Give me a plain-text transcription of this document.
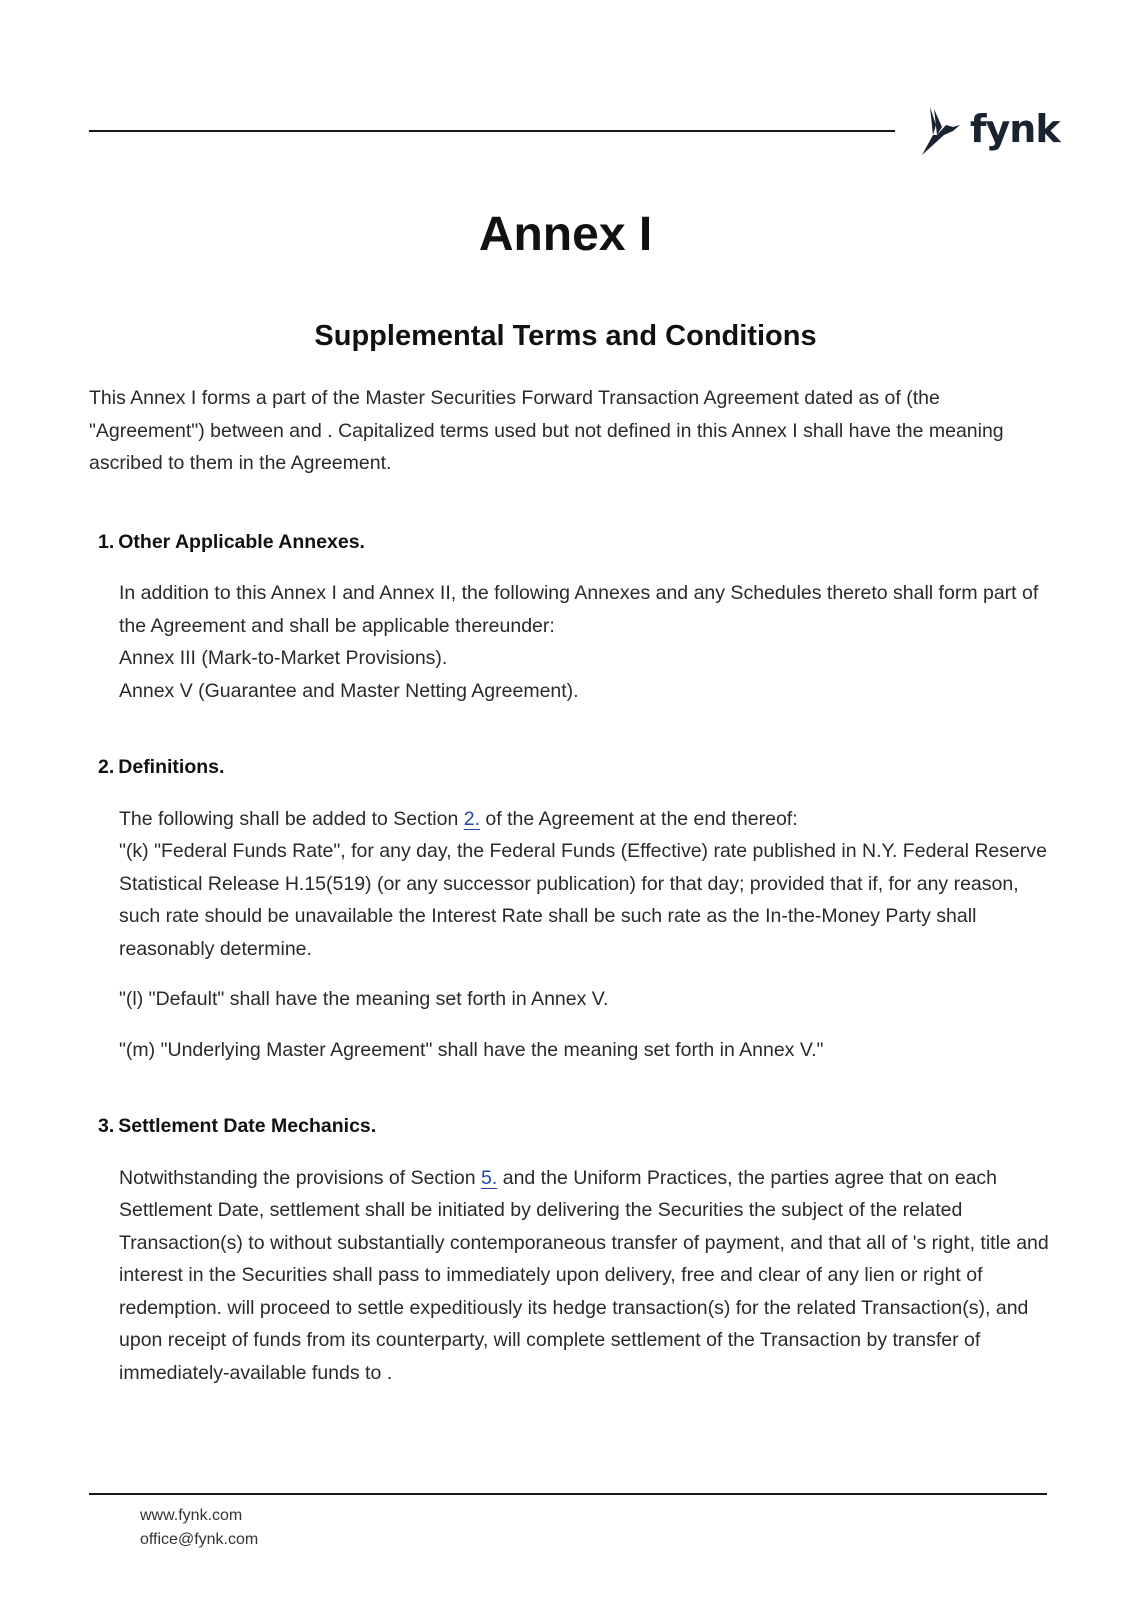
fynk
Annex I
Supplemental Terms and Conditions

This Annex I forms a part of the Master Securities Forward Transaction Agreement dated as of (the "Agreement") between and . Capitalized terms used but not defined in this Annex I shall have the meaning ascribed to them in the Agreement.

1. Other Applicable Annexes.

In addition to this Annex I and Annex II, the following Annexes and any Schedules thereto shall form part of the Agreement and shall be applicable thereunder:

Annex III (Mark-to-Market Provisions).

Annex V (Guarantee and Master Netting Agreement).

2. Definitions.

The following shall be added to Section 2. of the Agreement at the end thereof:

"(k) "Federal Funds Rate", for any day, the Federal Funds (Effective) rate published in N.Y. Federal Reserve Statistical Release H.15(519) (or any successor publication) for that day; provided that if, for any reason, such rate should be unavailable the Interest Rate shall be such rate as the In-the-Money Party shall reasonably determine.

"(l) "Default" shall have the meaning set forth in Annex V.

"(m) "Underlying Master Agreement" shall have the meaning set forth in Annex V."

3. Settlement Date Mechanics.

Notwithstanding the provisions of Section 5. and the Uniform Practices, the parties agree that on each Settlement Date, settlement shall be initiated by delivering the Securities the subject of the related Transaction(s) to without substantially contemporaneous transfer of payment, and that all of 's right, title and interest in the Securities shall pass to immediately upon delivery, free and clear of any lien or right of redemption. will proceed to settle expeditiously its hedge transaction(s) for the related Transaction(s), and upon receipt of funds from its counterparty, will complete settlement of the Transaction by transfer of immediately-available funds to .

www.fynk.com
office@fynk.com
